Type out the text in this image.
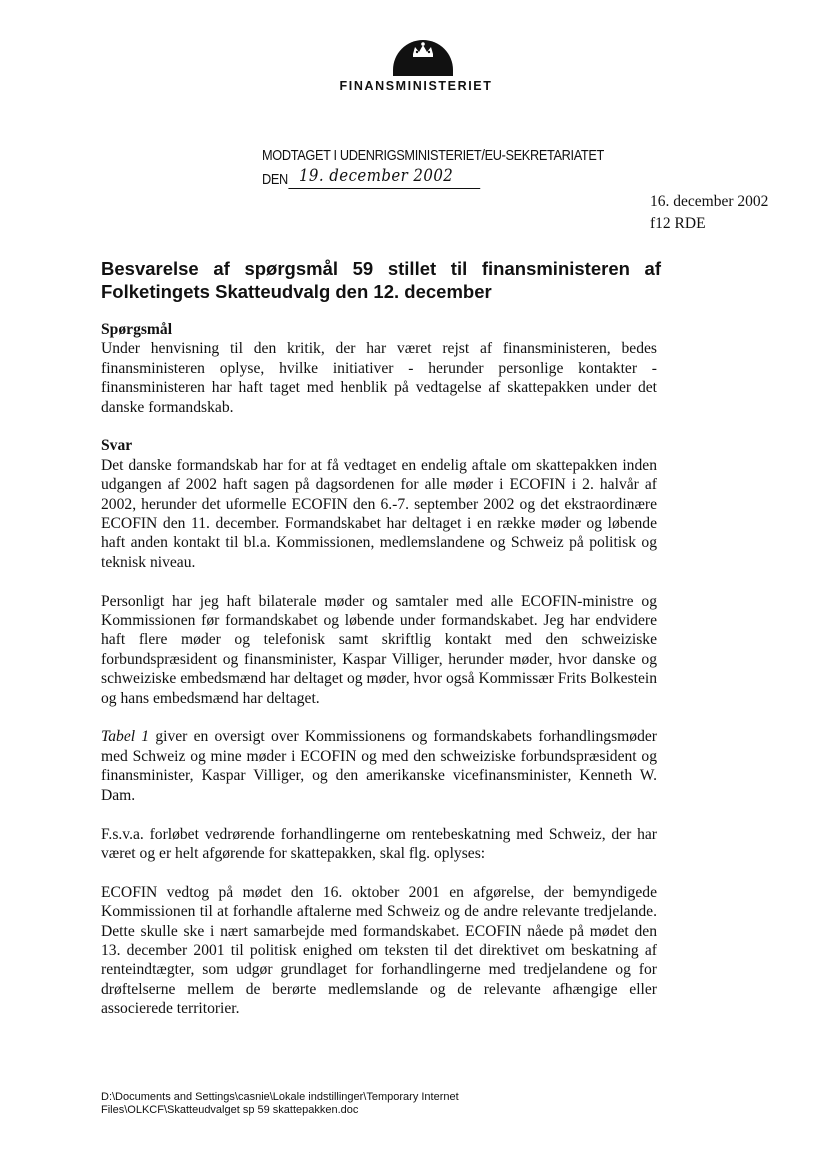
FINANSMINISTERIET
MODTAGET I UDENRIGSMINISTERIET/EU-SEKRETARIATET
DEN 19. december 2002
16. december 2002
f12 RDE
Besvarelse af spørgsmål 59 stillet til finansministeren af Folketingets Skatteudvalg den 12. december
Spørgsmål

Under henvisning til den kritik, der har været rejst af finansministeren, bedes finansministeren oplyse, hvilke initiativer - herunder personlige kontakter - finansministeren har haft taget med henblik på vedtagelse af skattepakken under det danske formandskab.

Svar

Det danske formandskab har for at få vedtaget en endelig aftale om skattepakken inden udgangen af 2002 haft sagen på dagsordenen for alle møder i ECOFIN i 2. halvår af 2002, herunder det uformelle ECOFIN den 6.-7. september 2002 og det ekstraordinære ECOFIN den 11. december. Formandskabet har deltaget i en række møder og løbende haft anden kontakt til bl.a. Kommissionen, medlemslandene og Schweiz på politisk og teknisk niveau.

Personligt har jeg haft bilaterale møder og samtaler med alle ECOFIN-ministre og Kommissionen før formandskabet og løbende under formandskabet. Jeg har endvidere haft flere møder og telefonisk samt skriftlig kontakt med den schweiziske forbundspræsident og finansminister, Kaspar Villiger, herunder møder, hvor danske og schweiziske embedsmænd har deltaget og møder, hvor også Kommissær Frits Bolkestein og hans embedsmænd har deltaget.

Tabel 1 giver en oversigt over Kommissionens og formandskabets forhandlingsmøder med Schweiz og mine møder i ECOFIN og med den schweiziske forbundspræsident og finansminister, Kaspar Villiger, og den amerikanske vicefinansminister, Kenneth W. Dam.

F.s.v.a. forløbet vedrørende forhandlingerne om rentebeskatning med Schweiz, der har været og er helt afgørende for skattepakken, skal flg. oplyses:

ECOFIN vedtog på mødet den 16. oktober 2001 en afgørelse, der bemyndigede Kommissionen til at forhandle aftalerne med Schweiz og de andre relevante tredjelande. Dette skulle ske i nært samarbejde med formandskabet. ECOFIN nåede på mødet den 13. december 2001 til politisk enighed om teksten til det direktivet om beskatning af renteindtægter, som udgør grundlaget for forhandlingerne med tredjelandene og for drøftelserne mellem de berørte medlemslande og de relevante afhængige eller associerede territorier.

D:\Documents and Settings\casnie\Lokale indstillinger\Temporary Internet
Files\OLKCF\Skatteudvalget sp 59 skattepakken.doc
